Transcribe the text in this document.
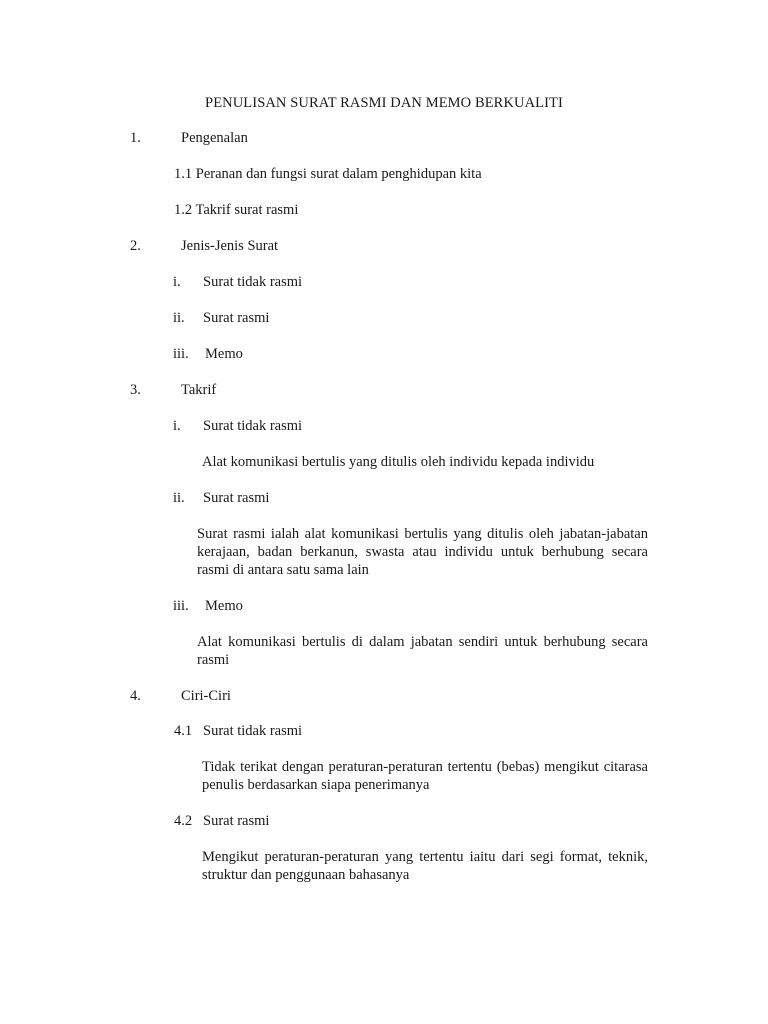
PENULISAN SURAT RASMI DAN MEMO BERKUALITI
1.	Pengenalan
1.1 Peranan dan fungsi surat dalam penghidupan kita
1.2 Takrif surat rasmi
2.	Jenis-Jenis Surat
i. Surat tidak rasmi
ii. Surat rasmi
iii. Memo
3.	Takrif
i. Surat tidak rasmi
Alat komunikasi bertulis yang ditulis oleh individu kepada individu
ii. Surat rasmi
Surat rasmi ialah alat komunikasi bertulis yang ditulis oleh jabatan-jabatan kerajaan, badan berkanun, swasta atau individu untuk berhubung secara rasmi di antara satu sama lain
iii. Memo
Alat komunikasi bertulis di dalam jabatan sendiri untuk berhubung secara rasmi
4.	Ciri-Ciri
4.1 Surat tidak rasmi
Tidak terikat dengan peraturan-peraturan tertentu (bebas) mengikut citarasa penulis berdasarkan siapa penerimanya
4.2 Surat rasmi
Mengikut peraturan-peraturan yang tertentu iaitu dari segi format, teknik, struktur dan penggunaan bahasanya
